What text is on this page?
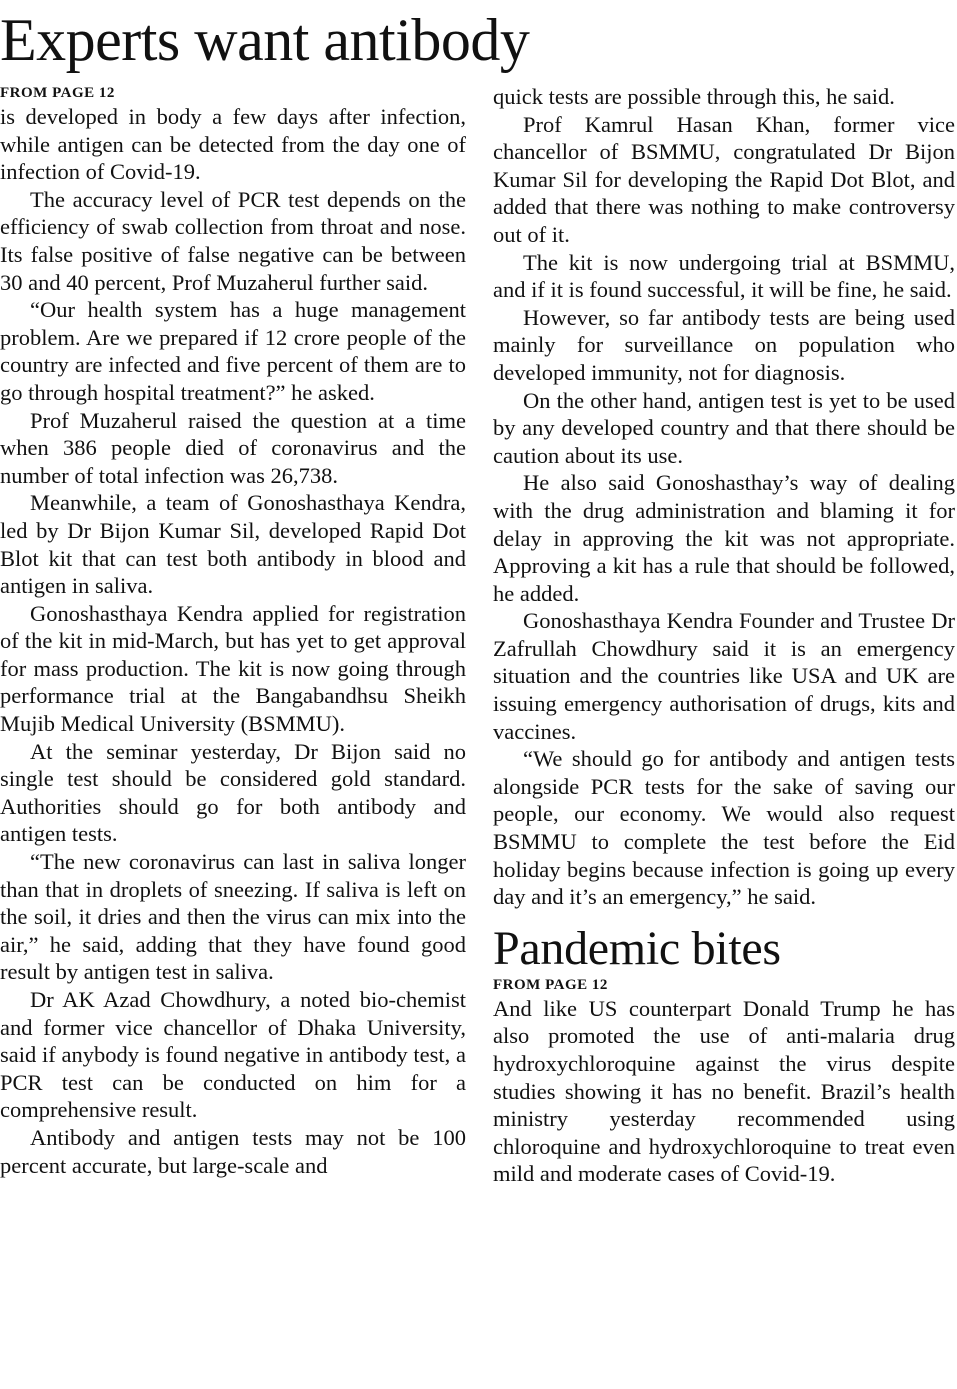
Experts want antibody
FROM PAGE 12

is developed in body a few days after infection, while antigen can be detected from the day one of infection of Covid-19.

The accuracy level of PCR test depends on the efficiency of swab collection from throat and nose. Its false positive of false negative can be between 30 and 40 percent, Prof Muzaherul further said.

“Our health system has a huge management problem. Are we prepared if 12 crore people of the country are infected and five percent of them are to go through hospital treatment?” he asked.

Prof Muzaherul raised the question at a time when 386 people died of coronavirus and the number of total infection was 26,738.

Meanwhile, a team of Gonoshasthaya Kendra, led by Dr Bijon Kumar Sil, developed Rapid Dot Blot kit that can test both antibody in blood and antigen in saliva.

Gonoshasthaya Kendra applied for registration of the kit in mid-March, but has yet to get approval for mass production. The kit is now going through performance trial at the Bangabandhsu Sheikh Mujib Medical University (BSMMU).

At the seminar yesterday, Dr Bijon said no single test should be considered gold standard. Authorities should go for both antibody and antigen tests.

“The new coronavirus can last in saliva longer than that in droplets of sneezing. If saliva is left on the soil, it dries and then the virus can mix into the air,” he said, adding that they have found good result by antigen test in saliva.

Dr AK Azad Chowdhury, a noted bio-chemist and former vice chancellor of Dhaka University, said if anybody is found negative in antibody test, a PCR test can be conducted on him for a comprehensive result.

Antibody and antigen tests may not be 100 percent accurate, but large-scale and

quick tests are possible through this, he said.

Prof Kamrul Hasan Khan, former vice chancellor of BSMMU, congratulated Dr Bijon Kumar Sil for developing the Rapid Dot Blot, and added that there was nothing to make controversy out of it.

The kit is now undergoing trial at BSMMU, and if it is found successful, it will be fine, he said.

However, so far antibody tests are being used mainly for surveillance on population who developed immunity, not for diagnosis.

On the other hand, antigen test is yet to be used by any developed country and that there should be caution about its use.

He also said Gonoshasthay’s way of dealing with the drug administration and blaming it for delay in approving the kit was not appropriate. Approving a kit has a rule that should be followed, he added.

Gonoshasthaya Kendra Founder and Trustee Dr Zafrullah Chowdhury said it is an emergency situation and the countries like USA and UK are issuing emergency authorisation of drugs, kits and vaccines.

“We should go for antibody and antigen tests alongside PCR tests for the sake of saving our people, our economy. We would also request BSMMU to complete the test before the Eid holiday begins because infection is going up every day and it’s an emergency,” he said.

Pandemic bites
FROM PAGE 12

And like US counterpart Donald Trump he has also promoted the use of anti-malaria drug hydroxychloroquine against the virus despite studies showing it has no benefit. Brazil’s health ministry yesterday recommended using chloroquine and hydroxychloroquine to treat even mild and moderate cases of Covid-19.
